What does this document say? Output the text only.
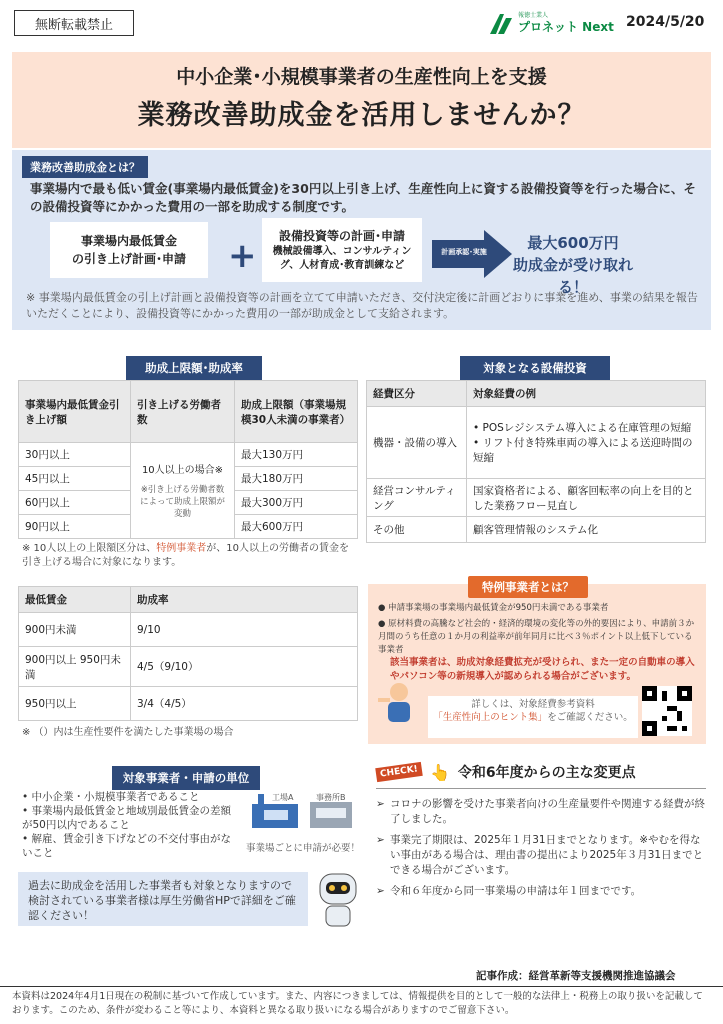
無断転載禁止
報徳士業人
プロネット Next 2024/5/20
中小企業･小規模事業者の生産性向上を支援
業務改善助成金を活用しませんか？
業務改善助成金とは？
事業場内で最も低い賃金(事業場内最低賃金)を30円以上引き上げ、生産性向上に資する設備投資等を行った場合に、その設備投資等にかかった費用の一部を助成する制度です。
事業場内最低賃金
の引き上げ計画･申請 + 設備投資等の計画･申請
機械設備導入、コンサルティン
グ、人材育成･教育訓練など
計画承認･実施	最大600万円
助成金が受け取れる！
※ 事業場内最低賃金の引上げ計画と設備投資等の計画を立てて申請いただき、交付決定後に計画どおりに事業を進め、事業の結果を報告いただくことにより、設備投資等にかかった費用の一部が助成金として支給されます。
助成上限額･助成率
事業場内最低賃金引き上げ額	引き上げる労働者数	助成上限額（事業場規模30人未満の事業者）
30円以上	10人以上の場合※
※引き上げる労働者数によって助成上限額が変動	最大130万円
45円以上		最大180万円
60円以上		最大300万円
90円以上		最大600万円
※ 10人以上の上限額区分は、特例事業者が、10人以上の労働者の賃金を引き上げる場合に対象になります。
最低賃金	助成率
900円未満	9/10
900円以上 950円未満	4/5（9/10）
950円以上	3/4（4/5）
※ （）内は生産性要件を満たした事業場の場合
対象となる設備投資
経費区分	対象経費の例
機器・設備の導入	• POSレジシステム導入による在庫管理の短縮
• リフト付き特殊車両の導入による送迎時間の短縮

経営コンサルティング	国家資格者による、顧客回転率の向上を目的とした業務フロー見直し
その他	顧客管理情報のシステム化
特例事業者とは？
● 申請事業場の事業場内最低賃金が950円未満である事業者
● 原材料費の高騰など社会的・経済的環境の変化等の外的要因により、申請前３か月間のうち任意の１か月の利益率が前年同月に比べ３％ポイント以上低下している事業者
該当事業者は、助成対象経費拡充が受けられ、また一定の自動車の導入やパソコン等の新規導入が認められる場合がございます。
詳しくは、対象経費参考資料
「生産性向上のヒント集」をご確認ください。
対象事業者・申請の単位
• 中小企業・小規模事業者であること
• 事業場内最低賃金と地域別最低賃金の差額が50円以内であること
• 解雇、賃金引き下げなどの不交付事由がないこと
工場A	事務所B
事業場ごとに申請が必要！
過去に助成金を活用した事業者も対象となりますので検討されている事業者様は厚生労働省HPで詳細をご確認ください！
CHECK! 👆 令和6年度からの主な変更点
➢ コロナの影響を受けた事業者向けの生産量要件や関連する経費が終了しました。
➢ 事業完了期限は、2025年１月31日までとなります。※やむを得ない事由がある場合は、理由書の提出により2025年３月31日までとできる場合がございます。
➢ 令和６年度から同一事業場の申請は年１回までです。
記事作成：経営革新等支援機関推進協議会
本資料は2024年4月1日現在の税制に基づいて作成しています。また、内容につきましては、情報提供を目的として一般的な法律上・税務上の取り扱いを記載しております。このため、条件が変わること等により、本資料と異なる取り扱いになる場合がありますのでご留意下さい。
